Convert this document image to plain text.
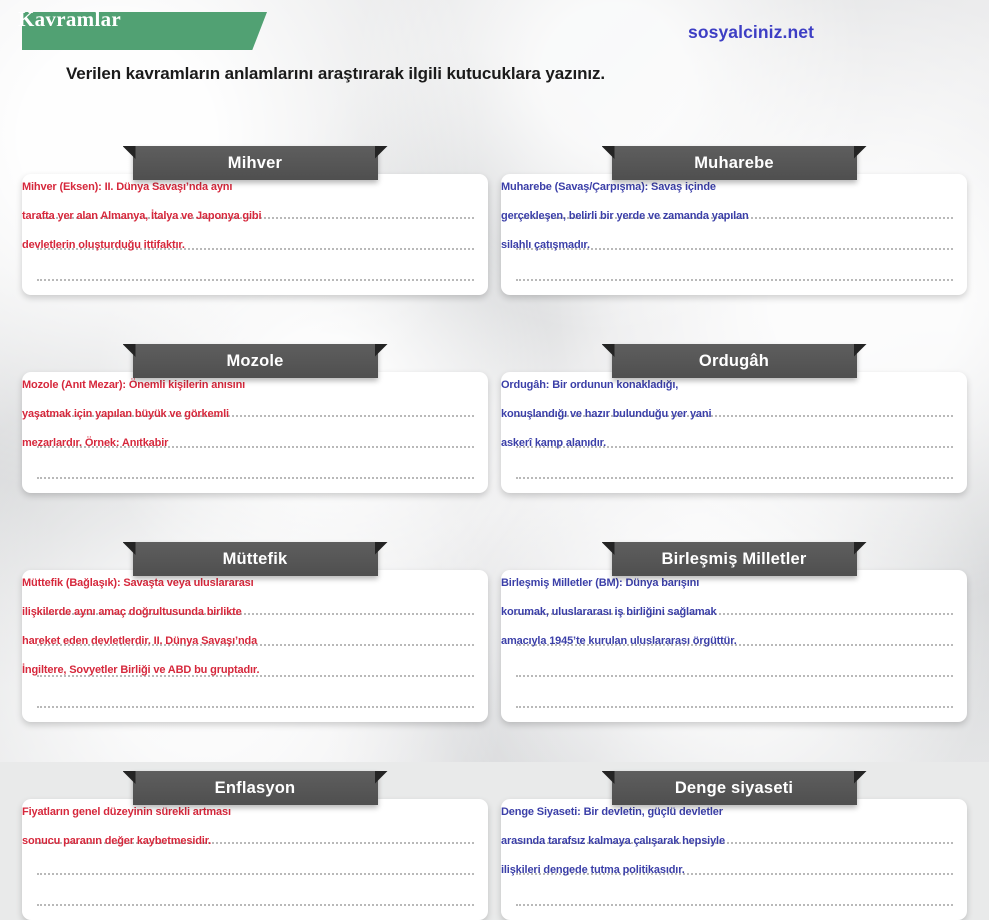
Kavramlar
sosyalciniz.net
Verilen kavramların anlamlarını araştırarak ilgili kutucuklara yazınız.
Mihver
Mihver (Eksen): II. Dünya Savaşı’nda aynı
tarafta yer alan Almanya, İtalya ve Japonya gibi
devletlerin oluşturduğu ittifaktır.
Muharebe
Muharebe (Savaş/Çarpışma): Savaş içinde
gerçekleşen, belirli bir yerde ve zamanda yapılan
silahlı çatışmadır.
Mozole
Mozole (Anıt Mezar): Önemli kişilerin anısını
yaşatmak için yapılan büyük ve görkemli
mezarlardır. Örnek: Anıtkabir
Ordugâh
Ordugâh: Bir ordunun konakladığı,
konuşlandığı ve hazır bulunduğu yer yani
askerî kamp alanıdır.
Müttefik
Müttefik (Bağlaşık): Savaşta veya uluslararası
ilişkilerde aynı amaç doğrultusunda birlikte
hareket eden devletlerdir. II. Dünya Savaşı’nda
İngiltere, Sovyetler Birliği ve ABD bu gruptadır.
Birleşmiş Milletler
Birleşmiş Milletler (BM): Dünya barışını
korumak, uluslararası iş birliğini sağlamak
amacıyla 1945’te kurulan uluslararası örgüttür.
Enflasyon
Fiyatların genel düzeyinin sürekli artması
sonucu paranın değer kaybetmesidir.
Denge siyaseti
Denge Siyaseti: Bir devletin, güçlü devletler
arasında tarafsız kalmaya çalışarak hepsiyle
ilişkileri dengede tutma politikasıdır.
